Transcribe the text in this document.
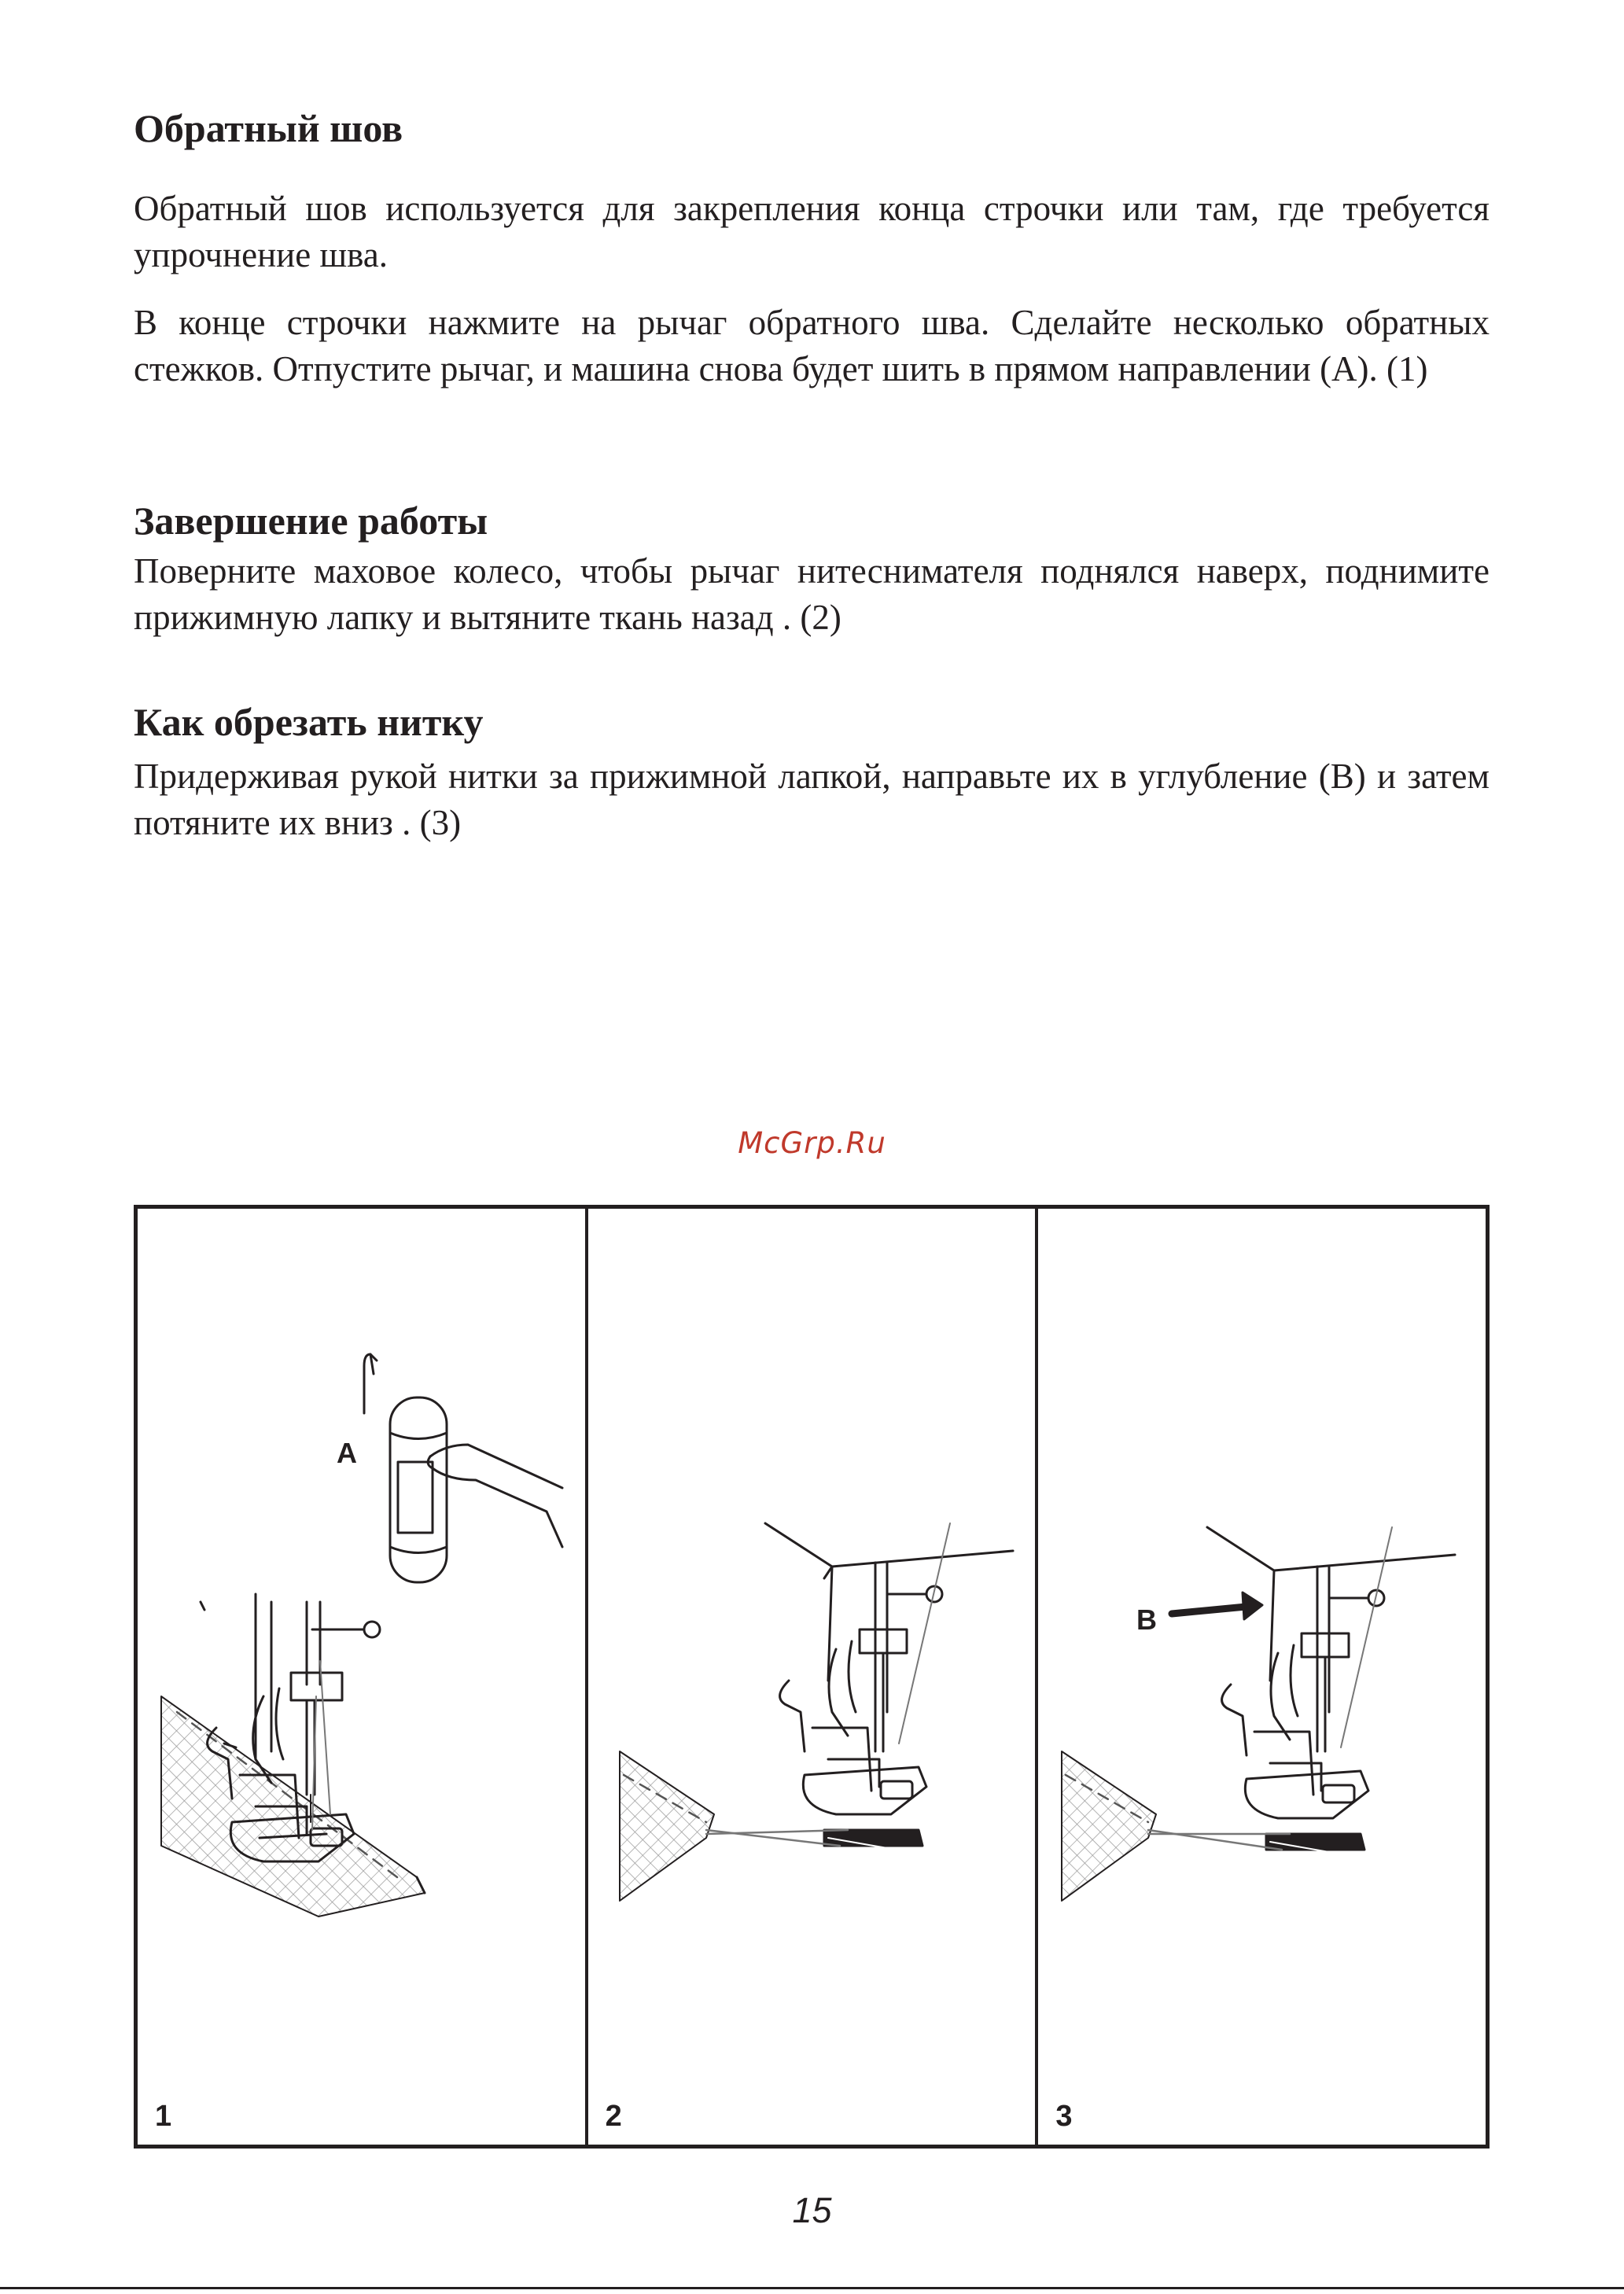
Обратный шов

Обратный шов используется для закрепления конца строчки или там, где требуется упрочнение шва.

В конце строчки нажмите на рычаг обратного шва. Сделайте несколько обратных стежков. Отпустите рычаг, и машина снова будет шить в прямом направлении (А). (1)

Завершение работы

Поверните маховое колесо, чтобы рычаг нитеснимателя поднялся наверх, поднимите прижимную лапку и вытяните ткань назад . (2)

Как обрезать нитку

Придерживая рукой нитки за прижимной лапкой, направьте их в углубление (В) и затем потяните их вниз . (3)

McGrp.Ru
A
1	2
B
3
15
